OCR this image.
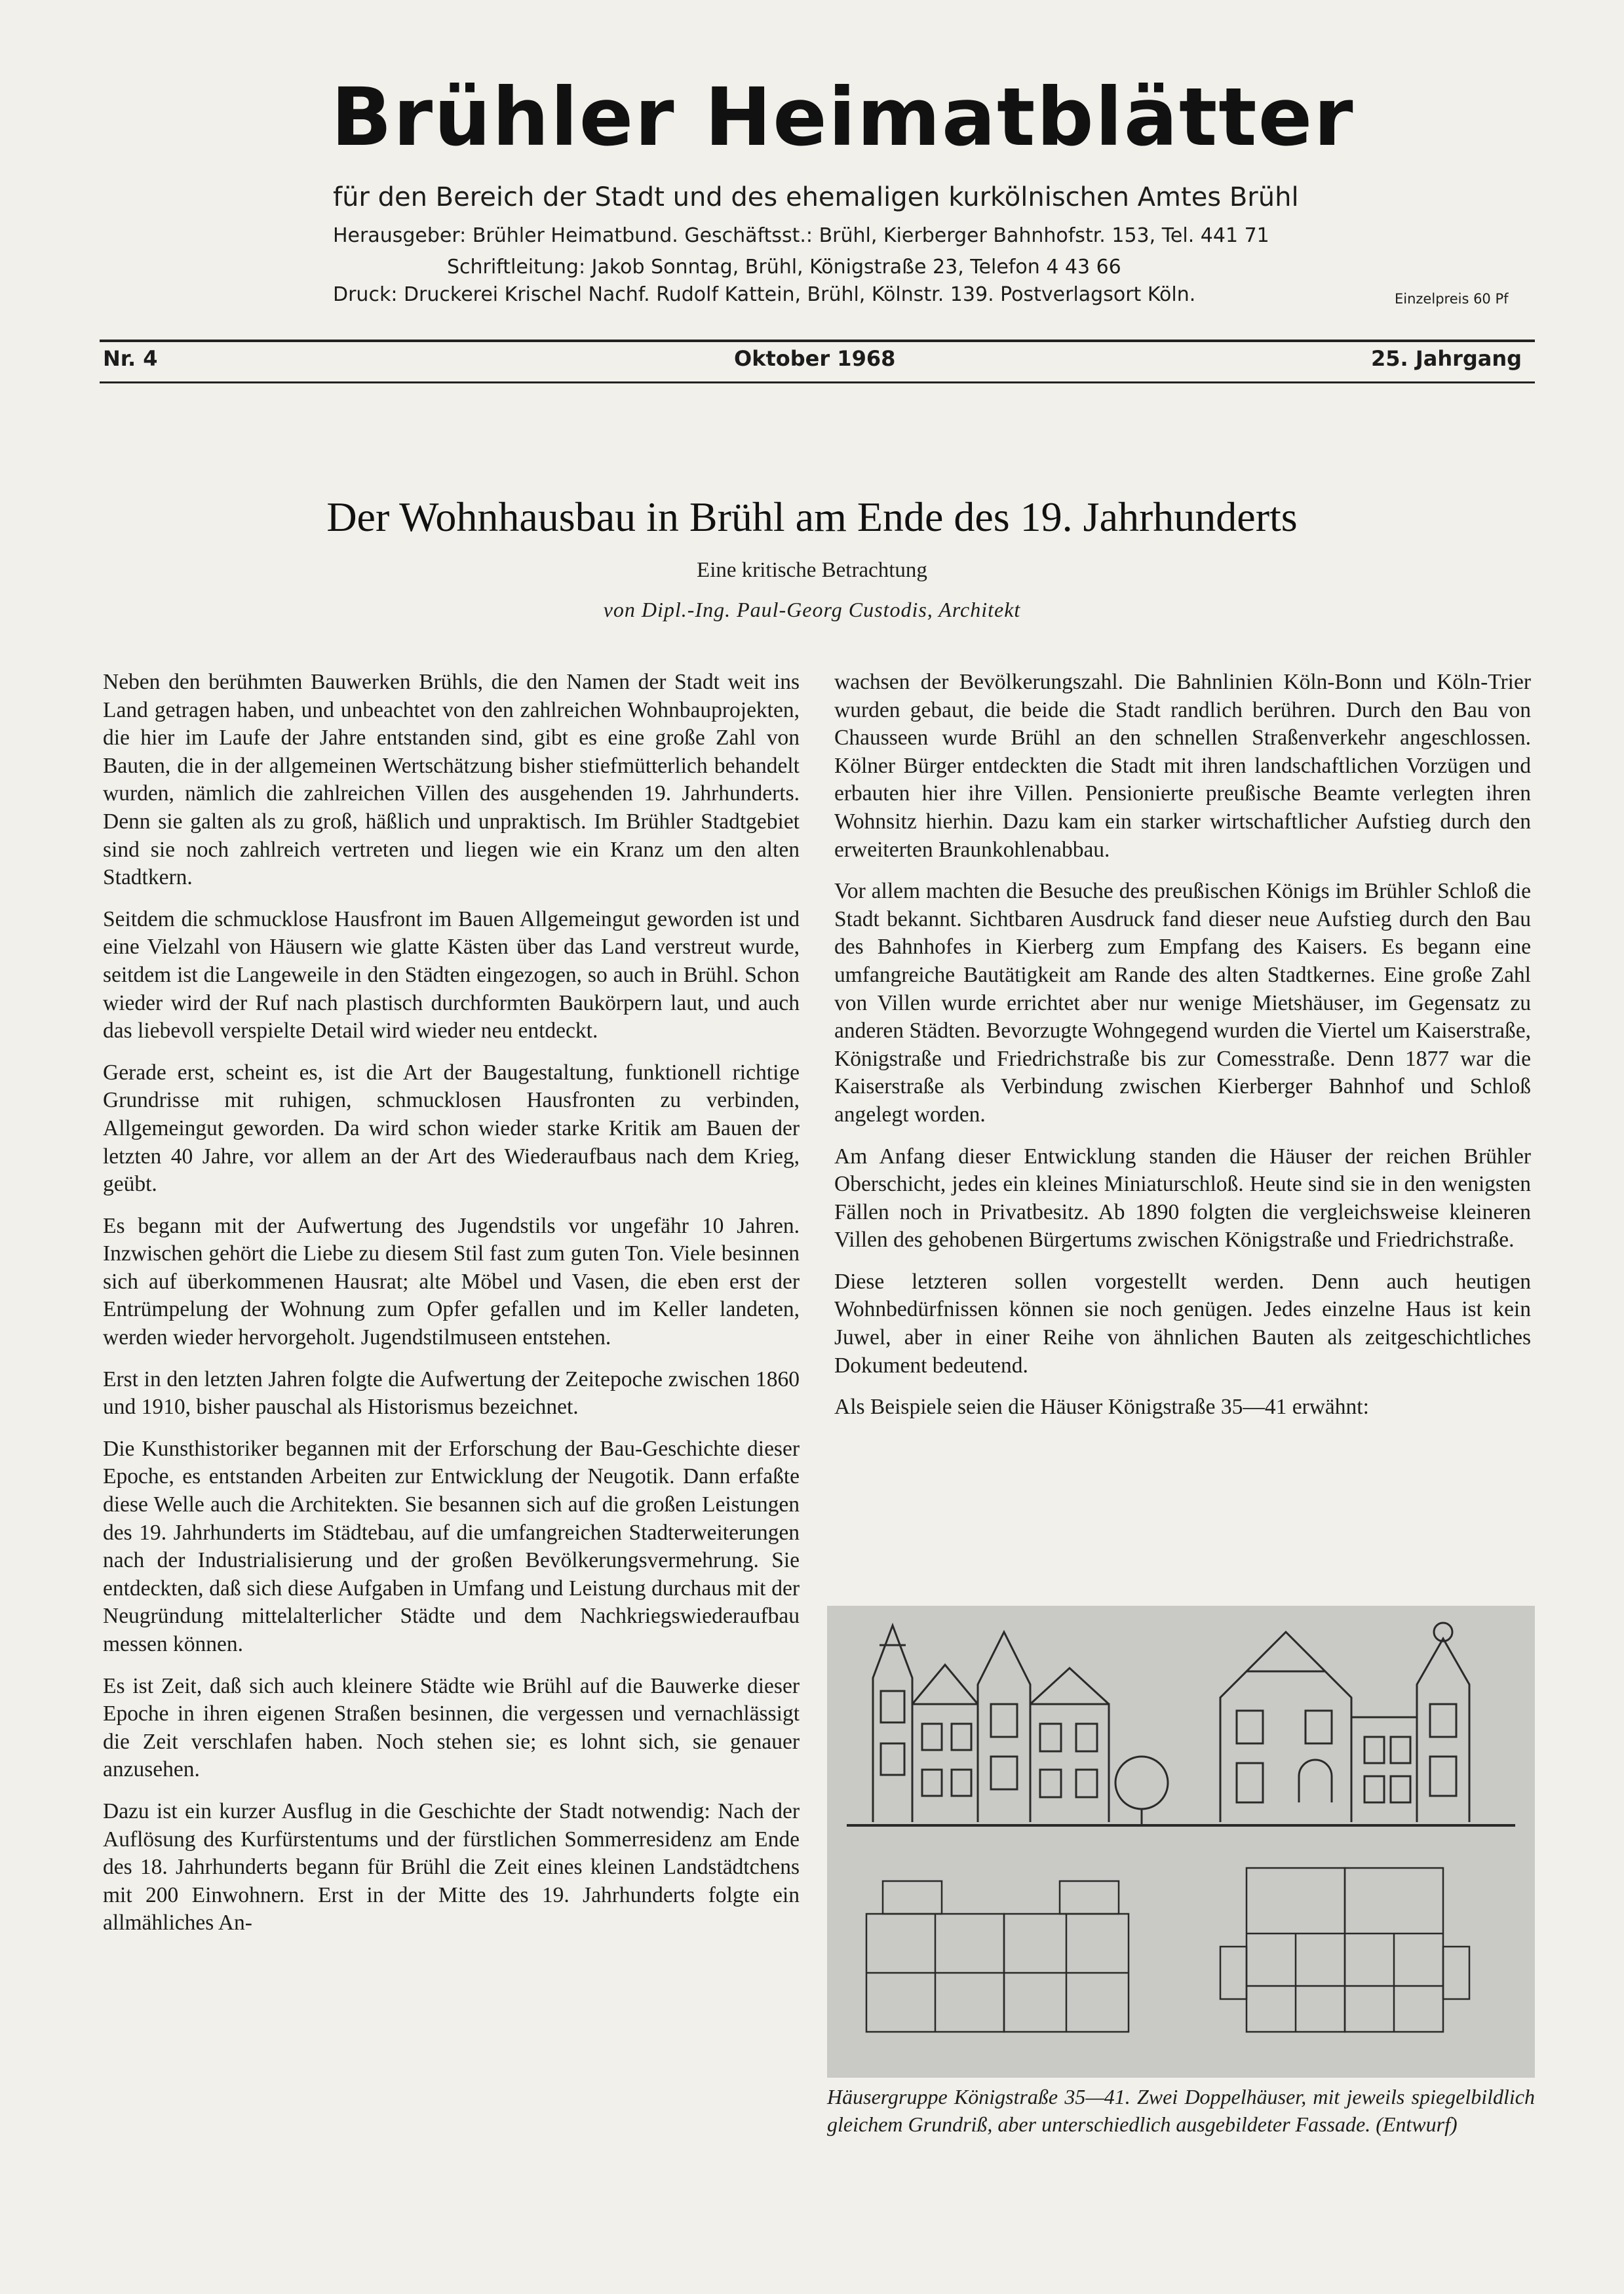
Brühler Heimatblätter
für den Bereich der Stadt und des ehemaligen kurkölnischen Amtes Brühl
Herausgeber: Brühler Heimatbund. Geschäftsst.: Brühl, Kierberger Bahnhofstr. 153, Tel. 441 71
Schriftleitung: Jakob Sonntag, Brühl, Königstraße 23, Telefon 4 43 66
Druck: Druckerei Krischel Nachf. Rudolf Kattein, Brühl, Kölnstr. 139. Postverlagsort Köln.	Einzelpreis 60 Pf
Nr. 4	Oktober 1968	25. Jahrgang
Der Wohnhausbau in Brühl am Ende des 19. Jahrhunderts
Eine kritische Betrachtung
von Dipl.-Ing. Paul-Georg Custodis, Architekt

Neben den berühmten Bauwerken Brühls, die den Namen der Stadt weit ins Land getragen haben, und unbeachtet von den zahlreichen Wohnbauprojekten, die hier im Laufe der Jahre entstanden sind, gibt es eine große Zahl von Bauten, die in der allgemeinen Wertschätzung bisher stiefmütterlich behandelt wurden, nämlich die zahlreichen Villen des ausgehenden 19. Jahrhunderts. Denn sie galten als zu groß, häßlich und unpraktisch. Im Brühler Stadtgebiet sind sie noch zahlreich vertreten und liegen wie ein Kranz um den alten Stadtkern.

Seitdem die schmucklose Hausfront im Bauen Allgemeingut geworden ist und eine Vielzahl von Häusern wie glatte Kästen über das Land verstreut wurde, seitdem ist die Langeweile in den Städten eingezogen, so auch in Brühl. Schon wieder wird der Ruf nach plastisch durchformten Baukörpern laut, und auch das liebevoll verspielte Detail wird wieder neu entdeckt.

Gerade erst, scheint es, ist die Art der Baugestaltung, funktionell richtige Grundrisse mit ruhigen, schmucklosen Hausfronten zu verbinden, Allgemeingut geworden. Da wird schon wieder starke Kritik am Bauen der letzten 40 Jahre, vor allem an der Art des Wiederaufbaus nach dem Krieg, geübt.

Es begann mit der Aufwertung des Jugendstils vor ungefähr 10 Jahren. Inzwischen gehört die Liebe zu diesem Stil fast zum guten Ton. Viele besinnen sich auf überkommenen Hausrat; alte Möbel und Vasen, die eben erst der Entrümpelung der Wohnung zum Opfer gefallen und im Keller landeten, werden wieder hervorgeholt. Jugendstilmuseen entstehen.

Erst in den letzten Jahren folgte die Aufwertung der Zeitepoche zwischen 1860 und 1910, bisher pauschal als Historismus bezeichnet.

Die Kunsthistoriker begannen mit der Erforschung der Bau-Geschichte dieser Epoche, es entstanden Arbeiten zur Entwicklung der Neugotik. Dann erfaßte diese Welle auch die Architekten. Sie besannen sich auf die großen Leistungen des 19. Jahrhunderts im Städtebau, auf die umfangreichen Stadterweiterungen nach der Industrialisierung und der großen Bevölkerungsvermehrung. Sie entdeckten, daß sich diese Aufgaben in Umfang und Leistung durchaus mit der Neugründung mittelalterlicher Städte und dem Nachkriegswiederaufbau messen können.

Es ist Zeit, daß sich auch kleinere Städte wie Brühl auf die Bauwerke dieser Epoche in ihren eigenen Straßen besinnen, die vergessen und vernachlässigt die Zeit verschlafen haben. Noch stehen sie; es lohnt sich, sie genauer anzusehen.

Dazu ist ein kurzer Ausflug in die Geschichte der Stadt notwendig: Nach der Auflösung des Kurfürstentums und der fürstlichen Sommerresidenz am Ende des 18. Jahrhunderts begann für Brühl die Zeit eines kleinen Landstädtchens mit 200 Einwohnern. Erst in der Mitte des 19. Jahrhunderts folgte ein allmähliches An-

wachsen der Bevölkerungszahl. Die Bahnlinien Köln-Bonn und Köln-Trier wurden gebaut, die beide die Stadt randlich berühren. Durch den Bau von Chausseen wurde Brühl an den schnellen Straßenverkehr angeschlossen. Kölner Bürger entdeckten die Stadt mit ihren landschaftlichen Vorzügen und erbauten hier ihre Villen. Pensionierte preußische Beamte verlegten ihren Wohnsitz hierhin. Dazu kam ein starker wirtschaftlicher Aufstieg durch den erweiterten Braunkohlenabbau.

Vor allem machten die Besuche des preußischen Königs im Brühler Schloß die Stadt bekannt. Sichtbaren Ausdruck fand dieser neue Aufstieg durch den Bau des Bahnhofes in Kierberg zum Empfang des Kaisers. Es begann eine umfangreiche Bautätigkeit am Rande des alten Stadtkernes. Eine große Zahl von Villen wurde errichtet aber nur wenige Mietshäuser, im Gegensatz zu anderen Städten. Bevorzugte Wohngegend wurden die Viertel um Kaiserstraße, Königstraße und Friedrichstraße bis zur Comesstraße. Denn 1877 war die Kaiserstraße als Verbindung zwischen Kierberger Bahnhof und Schloß angelegt worden.

Am Anfang dieser Entwicklung standen die Häuser der reichen Brühler Oberschicht, jedes ein kleines Miniaturschloß. Heute sind sie in den wenigsten Fällen noch in Privatbesitz. Ab 1890 folgten die vergleichsweise kleineren Villen des gehobenen Bürgertums zwischen Königstraße und Friedrichstraße.

Diese letzteren sollen vorgestellt werden. Denn auch heutigen Wohnbedürfnissen können sie noch genügen. Jedes einzelne Haus ist kein Juwel, aber in einer Reihe von ähnlichen Bauten als zeitgeschichtliches Dokument bedeutend.

Als Beispiele seien die Häuser Königstraße 35—41 erwähnt:

Häusergruppe Königstraße 35—41. Zwei Doppelhäuser, mit jeweils spiegelbildlich gleichem Grundriß, aber unterschiedlich ausgebildeter Fassade. (Entwurf)
